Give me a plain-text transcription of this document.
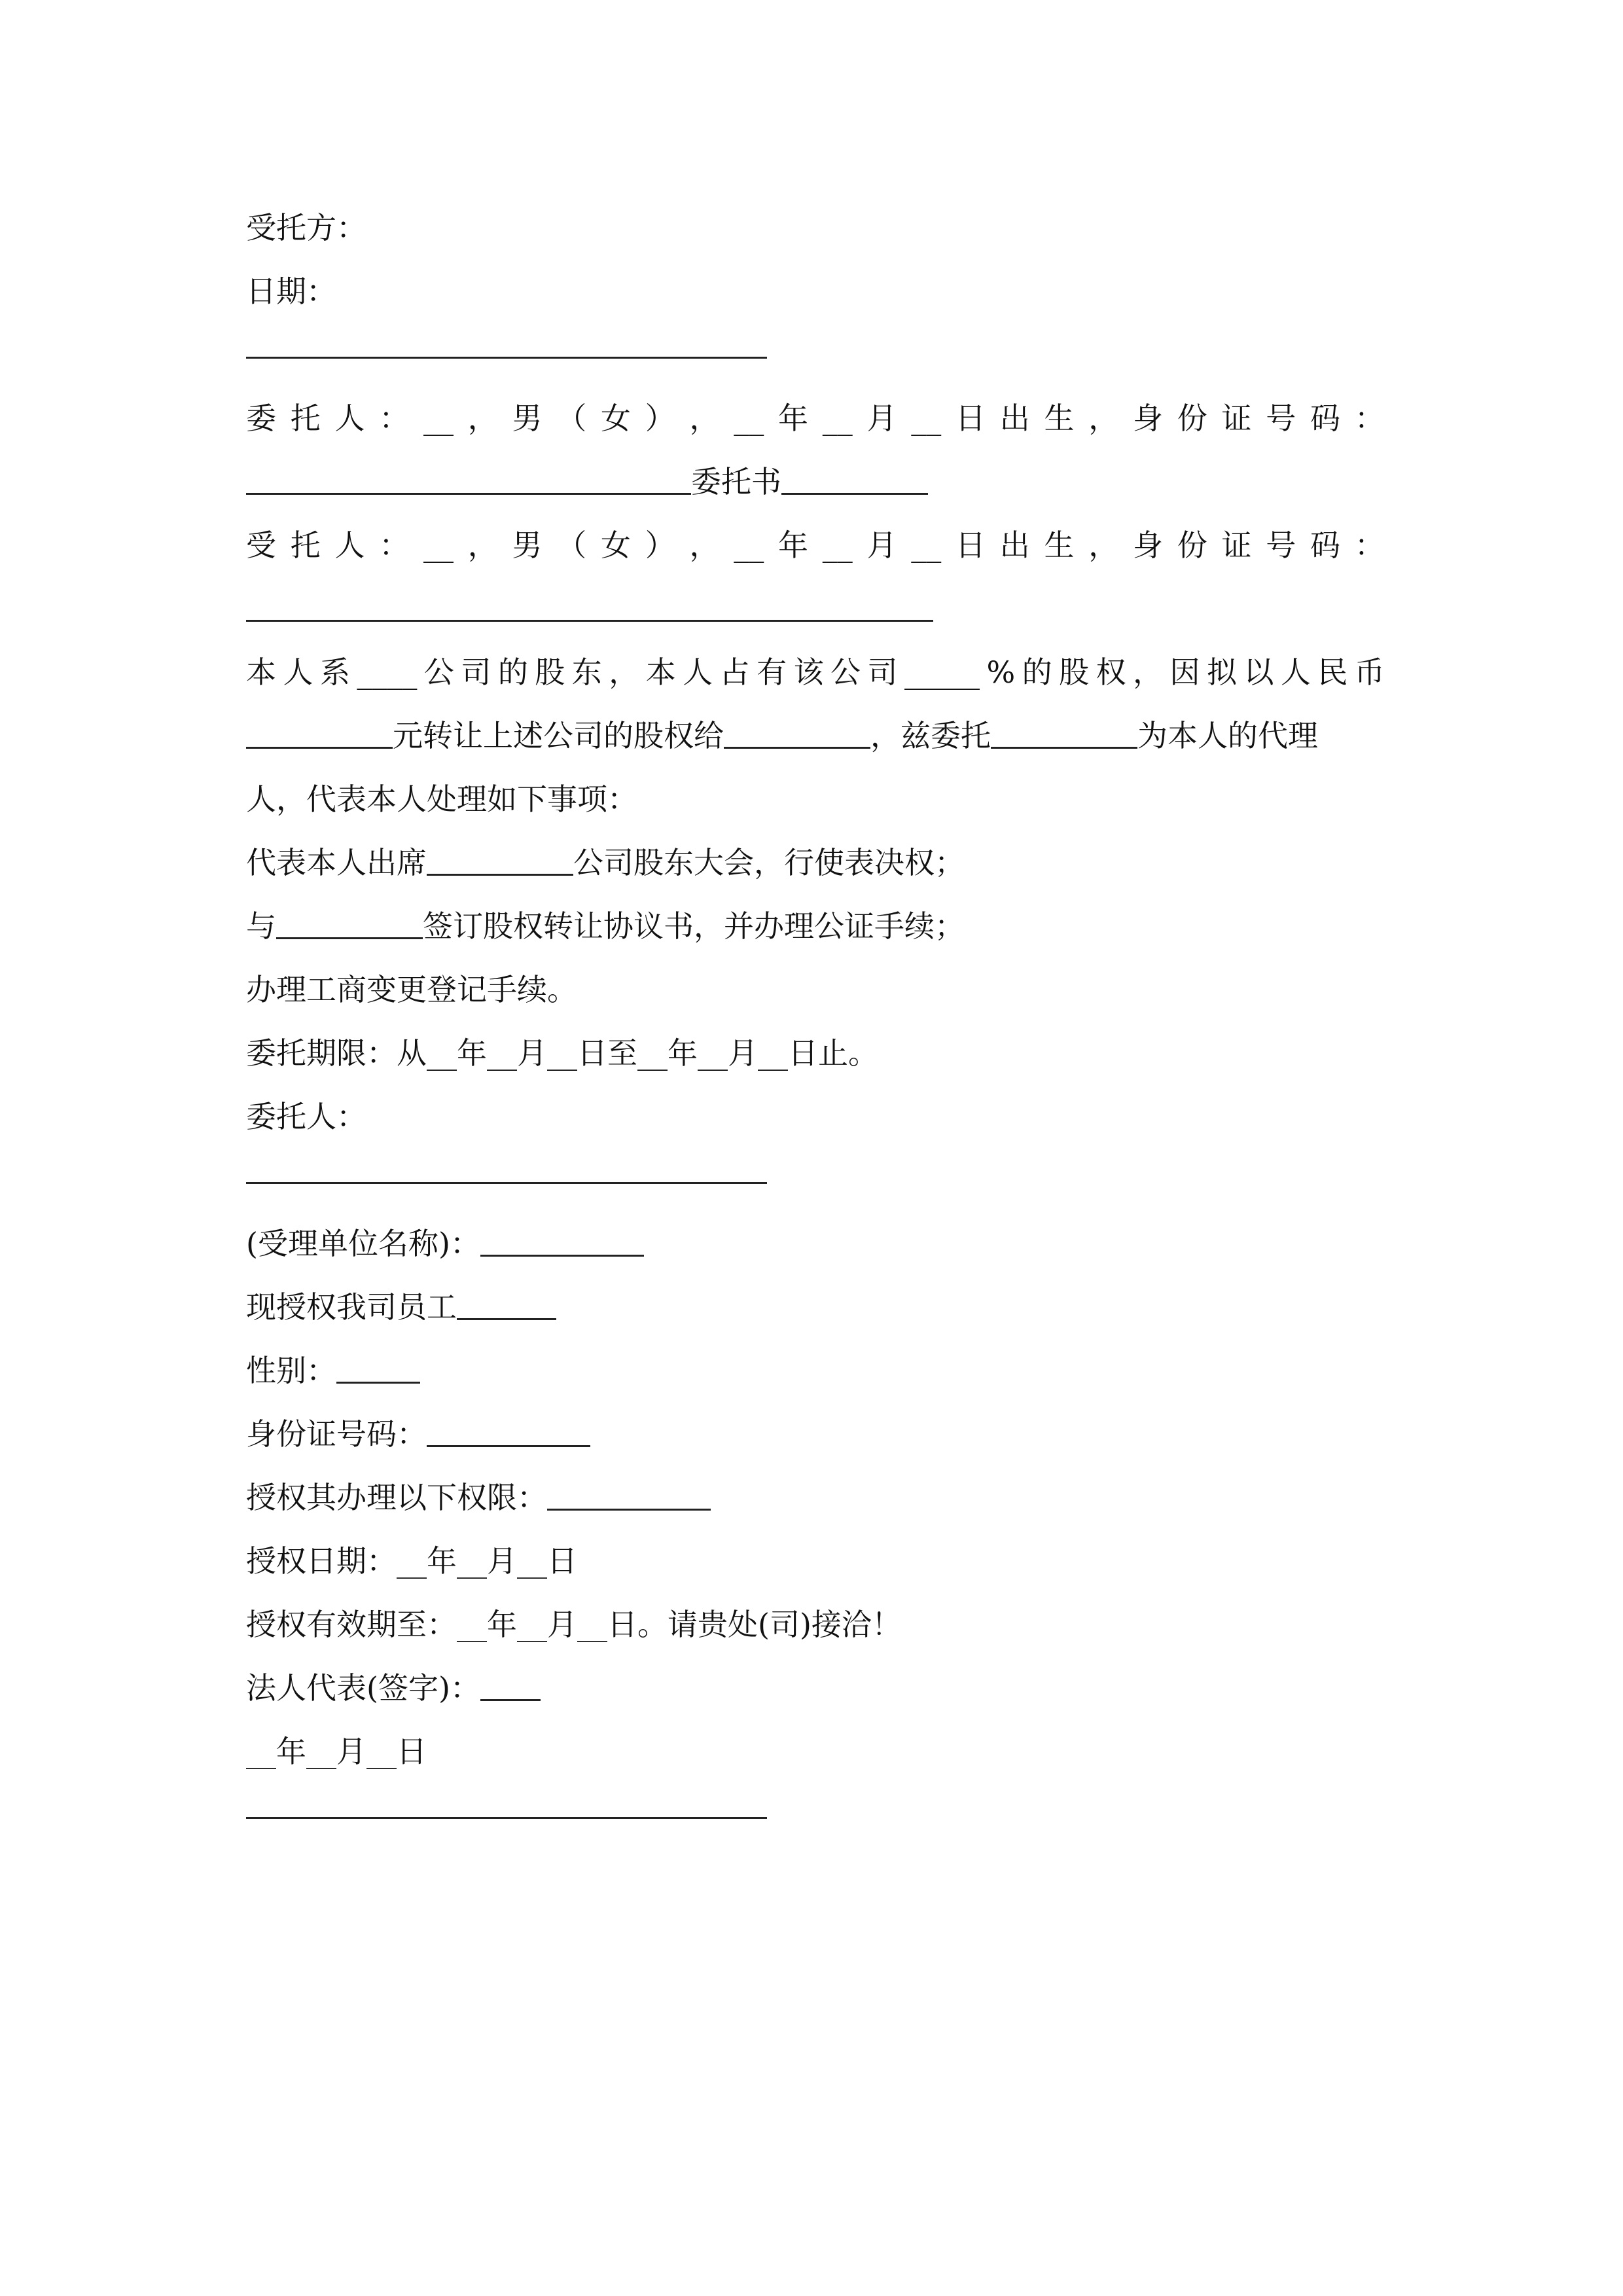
受托方：
日期：
委 托 人 ： __ ， 男 （ 女 ） ， __ 年 __ 月 __ 日 出 生 ， 身 份 证 号 码 ：
委托书
受 托 人 ： __ ， 男 （ 女 ） ， __ 年 __ 月 __ 日 出 生 ， 身 份 证 号 码 ：
本 人 系 ____ 公 司 的 股 东 ， 本 人 占 有 该 公 司 _____ % 的 股 权 ， 因 拟 以 人 民 币
元转让上述公司的股权给	，兹委托	为本人的代理
人，代表本人处理如下事项：
代表本人出席	公司股东大会，行使表决权；
与	签订股权转让协议书，并办理公证手续；
办理工商变更登记手续。
委托期限：从__年__月__日至__年__月__日止。
委托人：
(受理单位名称)：
现授权我司员工
性别：
身份证号码：
授权其办理以下权限：
授权日期：__年__月__日
授权有效期至：__年__月__日。请贵处(司)接洽！
法人代表(签字)：
__年__月__日
